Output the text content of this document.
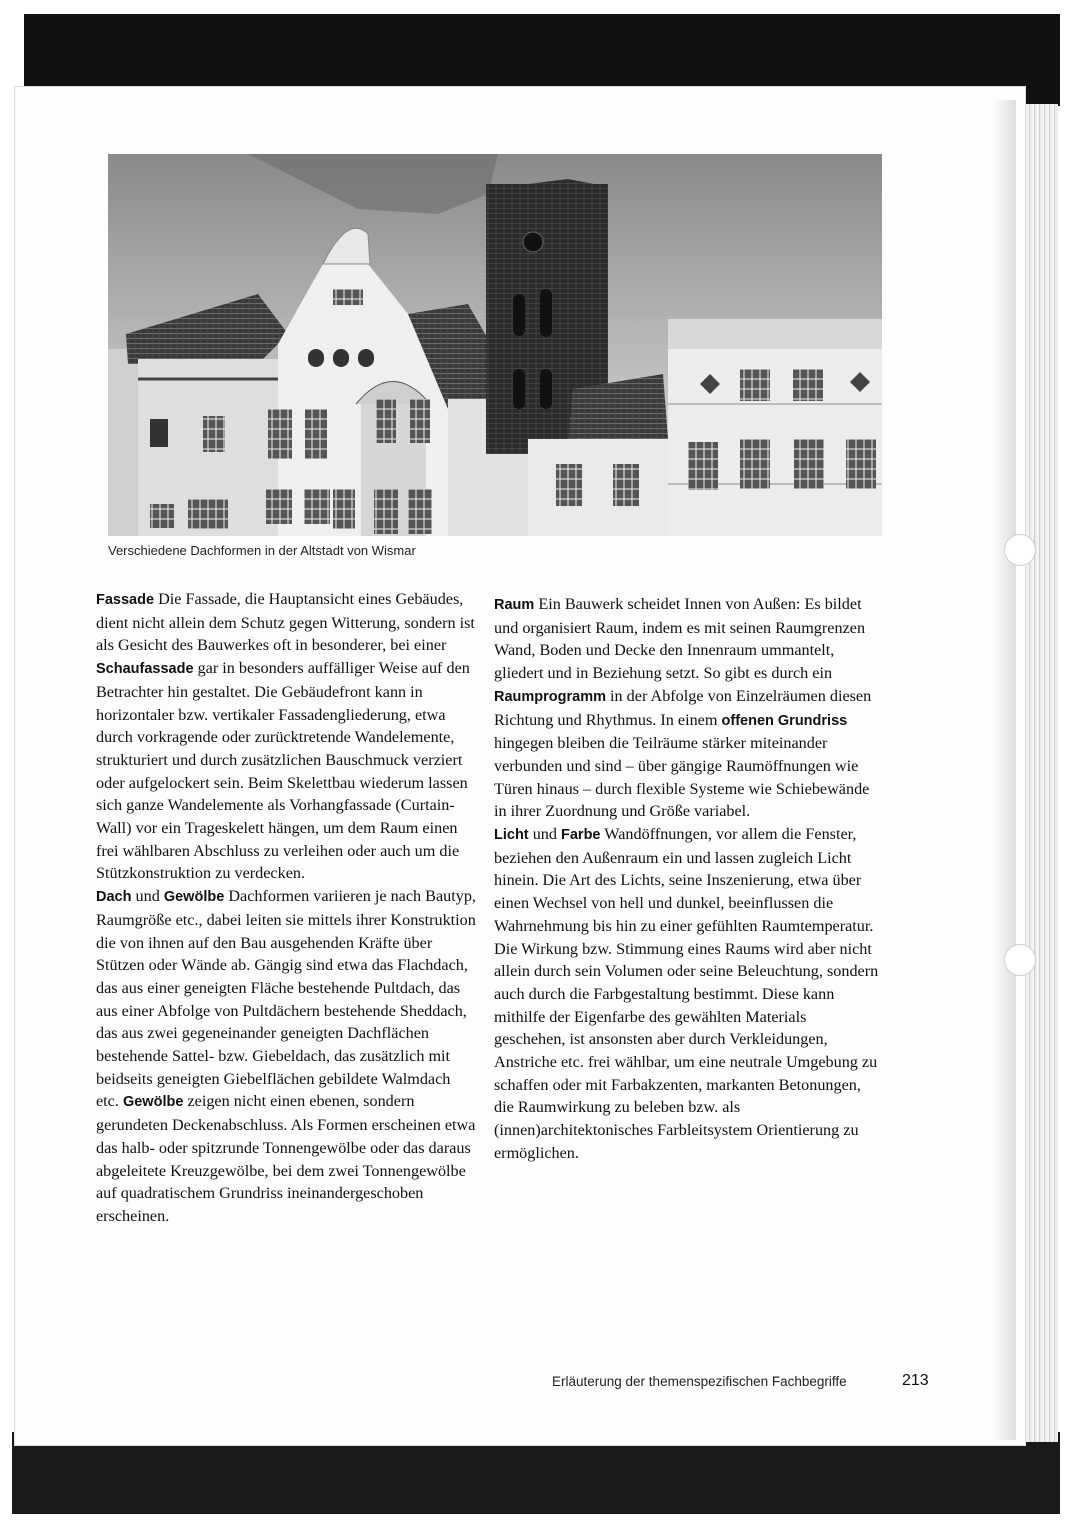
Verschiedene Dachformen in der Altstadt von Wismar

Fassade Die Fassade, die Hauptansicht eines Gebäudes, dient nicht allein dem Schutz gegen Witterung, sondern ist als Gesicht des Bauwerkes oft in besonderer, bei einer Schaufassade gar in besonders auffälliger Weise auf den Betrachter hin gestaltet. Die Gebäudefront kann in horizontaler bzw. vertikaler Fassadengliederung, etwa durch vorkragende oder zurücktretende Wandelemente, strukturiert und durch zusätzlichen Bauschmuck verziert oder aufgelockert sein. Beim Skelettbau wiederum lassen sich ganze Wandelemente als Vorhangfassade (Curtain-Wall) vor ein Trageskelett hängen, um dem Raum einen frei wählbaren Abschluss zu verleihen oder auch um die Stützkonstruktion zu verdecken.

Dach und Gewölbe Dachformen variieren je nach Bautyp, Raumgröße etc., dabei leiten sie mittels ihrer Konstruktion die von ihnen auf den Bau ausgehenden Kräfte über Stützen oder Wände ab. Gängig sind etwa das Flachdach, das aus einer geneigten Fläche bestehende Pultdach, das aus einer Abfolge von Pultdächern bestehende Sheddach, das aus zwei gegeneinander geneigten Dachflächen bestehende Sattel- bzw. Giebeldach, das zusätzlich mit beidseits geneigten Giebelflächen gebildete Walmdach etc. Gewölbe zeigen nicht einen ebenen, sondern gerundeten Deckenabschluss. Als Formen erscheinen etwa das halb- oder spitzrunde Tonnengewölbe oder das daraus abgeleitete Kreuzgewölbe, bei dem zwei Tonnengewölbe auf quadratischem Grundriss ineinandergeschoben erscheinen.

Raum Ein Bauwerk scheidet Innen von Außen: Es bildet und organisiert Raum, indem es mit seinen Raumgrenzen Wand, Boden und Decke den Innenraum ummantelt, gliedert und in Beziehung setzt. So gibt es durch ein Raumprogramm in der Abfolge von Einzelräumen diesen Richtung und Rhythmus. In einem offenen Grundriss hingegen bleiben die Teilräume stärker miteinander verbunden und sind – über gängige Raumöffnungen wie Türen hinaus – durch flexible Systeme wie Schiebewände in ihrer Zuordnung und Größe variabel.

Licht und Farbe Wandöffnungen, vor allem die Fenster, beziehen den Außenraum ein und lassen zugleich Licht hinein. Die Art des Lichts, seine Inszenierung, etwa über einen Wechsel von hell und dunkel, beeinflussen die Wahrnehmung bis hin zu einer gefühlten Raumtemperatur. Die Wirkung bzw. Stimmung eines Raums wird aber nicht allein durch sein Volumen oder seine Beleuchtung, sondern auch durch die Farbgestaltung bestimmt. Diese kann mithilfe der Eigenfarbe des gewählten Materials geschehen, ist ansonsten aber durch Verkleidungen, Anstriche etc. frei wählbar, um eine neutrale Umgebung zu schaffen oder mit Farbakzenten, markanten Betonungen, die Raumwirkung zu beleben bzw. als (innen)architektonisches Farbleitsystem Orientierung zu ermöglichen.

Erläuterung der themenspezifischen Fachbegriffe	213
